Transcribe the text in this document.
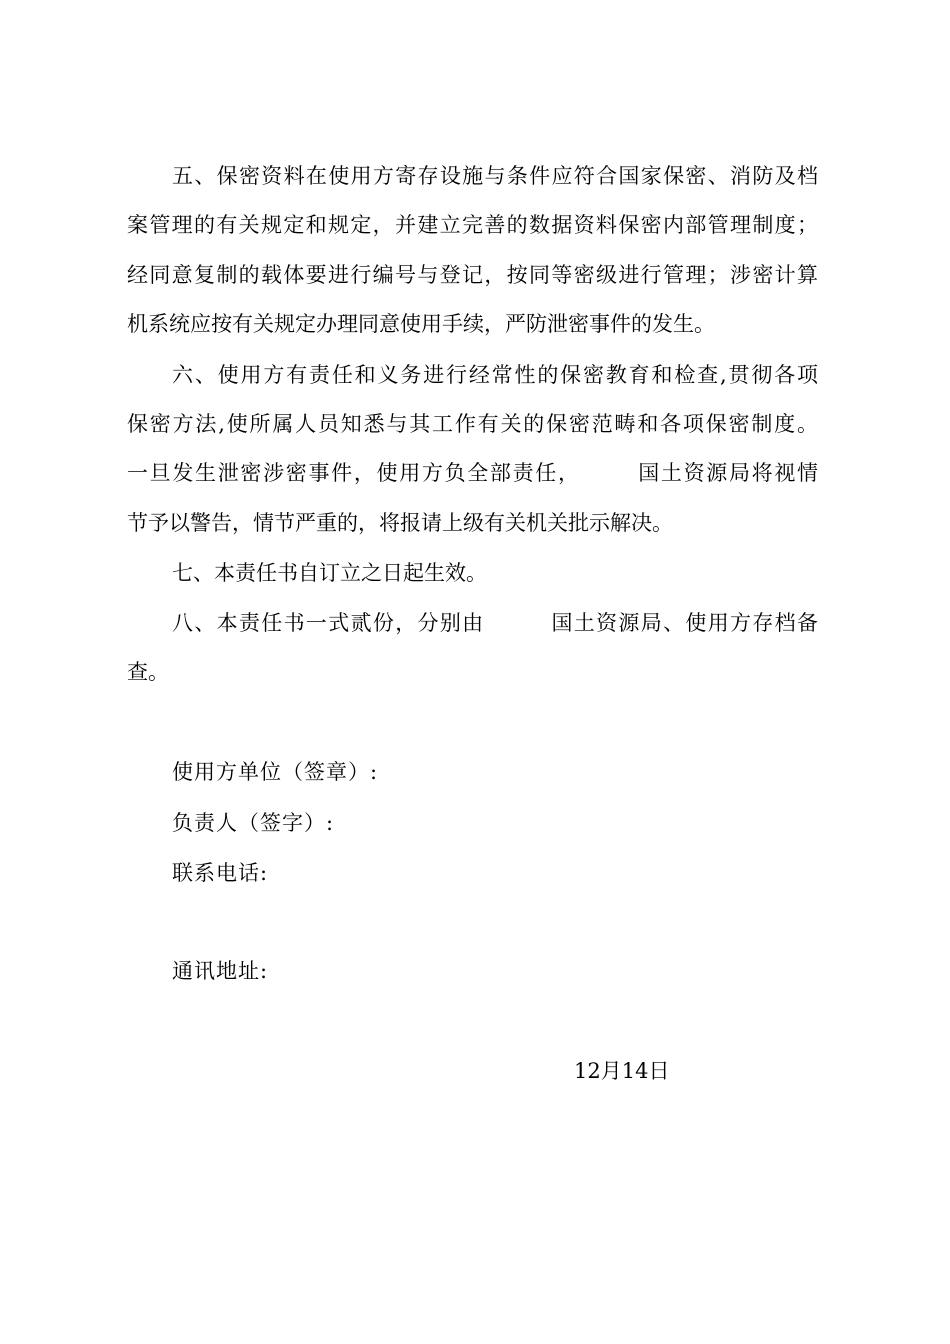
五、保密资料在使用方寄存设施与条件应符合国家保密、消防及档
案管理的有关规定和规定，并建立完善的数据资料保密内部管理制度；
经同意复制的载体要进行编号与登记，按同等密级进行管理；涉密计算
机系统应按有关规定办理同意使用手续，严防泄密事件的发生。
六、使用方有责任和义务进行经常性的保密教育和检查,贯彻各项
保密方法,使所属人员知悉与其工作有关的保密范畴和各项保密制度。
一旦发生泄密涉密事件，使用方负全部责任，　　　国土资源局将视情
节予以警告，情节严重的，将报请上级有关机关批示解决。
七、本责任书自订立之日起生效。
八、本责任书一式贰份，分别由　　　国土资源局、使用方存档备
查。
使用方单位（签章）:
负责人（签字）:
联系电话:
通讯地址:
12月14日
